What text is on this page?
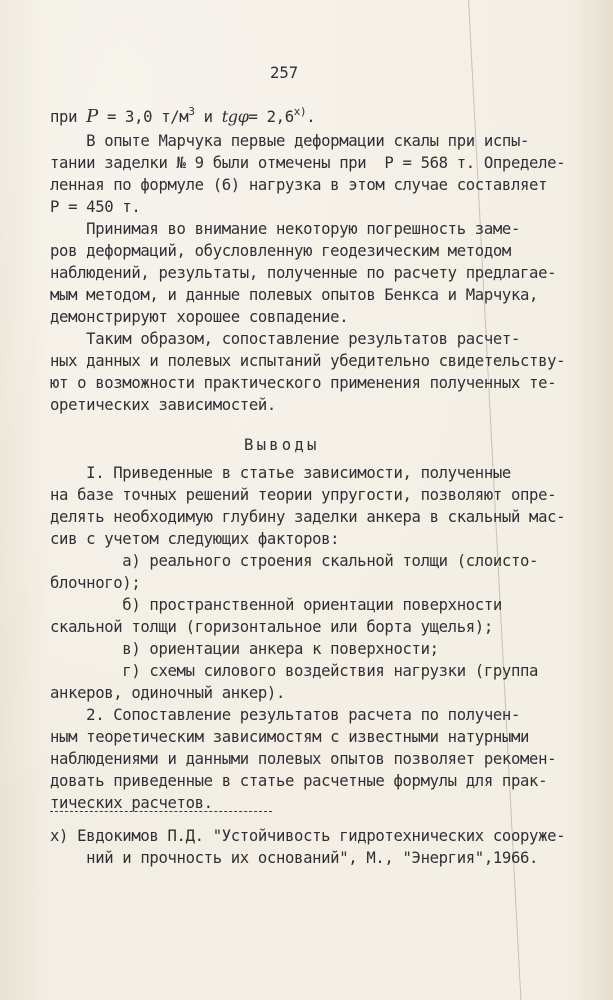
257
при P = 3,0 $т/м^3$ и $tg\varphi= 2,6^{x)}$.
В опыте Марчука первые деформации скалы при испы-
тании заделки № 9 были отмечены при  P = 568 т. Определе-
ленная по формуле (6) нагрузка в этом случае составляет
P = 450 т.
Принимая во внимание некоторую погрешность заме-
ров деформаций, обусловленную геодезическим методом
наблюдений, результаты, полученные по расчету предлагае-
мым методом, и данные полевых опытов Бенкса и Марчука,
демонстрируют хорошее совпадение.
Таким образом, сопоставление результатов расчет-
ных данных и полевых испытаний убедительно свидетельству-
ют о возможности практического применения полученных те-
оретических зависимостей.
Выводы
I. Приведенные в статье зависимости, полученные
на базе точных решений теории упругости, позволяют опре-
делять необходимую глубину заделки анкера в скальный мас-
сив с учетом следующих факторов:
а) реального строения скальной толщи (слоисто-
блочного);
б) пространственной ориентации поверхности
скальной толщи (горизонтальное или борта ущелья);
в) ориентации анкера к поверхности;
г) схемы силового воздействия нагрузки (группа
анкеров, одиночный анкер).
2. Сопоставление результатов расчета по получен-
ным теоретическим зависимостям с известными натурными
наблюдениями и данными полевых опытов позволяет рекомен-
довать приведенные в статье расчетные формулы для прак-
тических расчетов.
x) Евдокимов П.Д. "Устойчивость гидротехнических сооруже-
ний и прочность их оснований", М., "Энергия",1966.
